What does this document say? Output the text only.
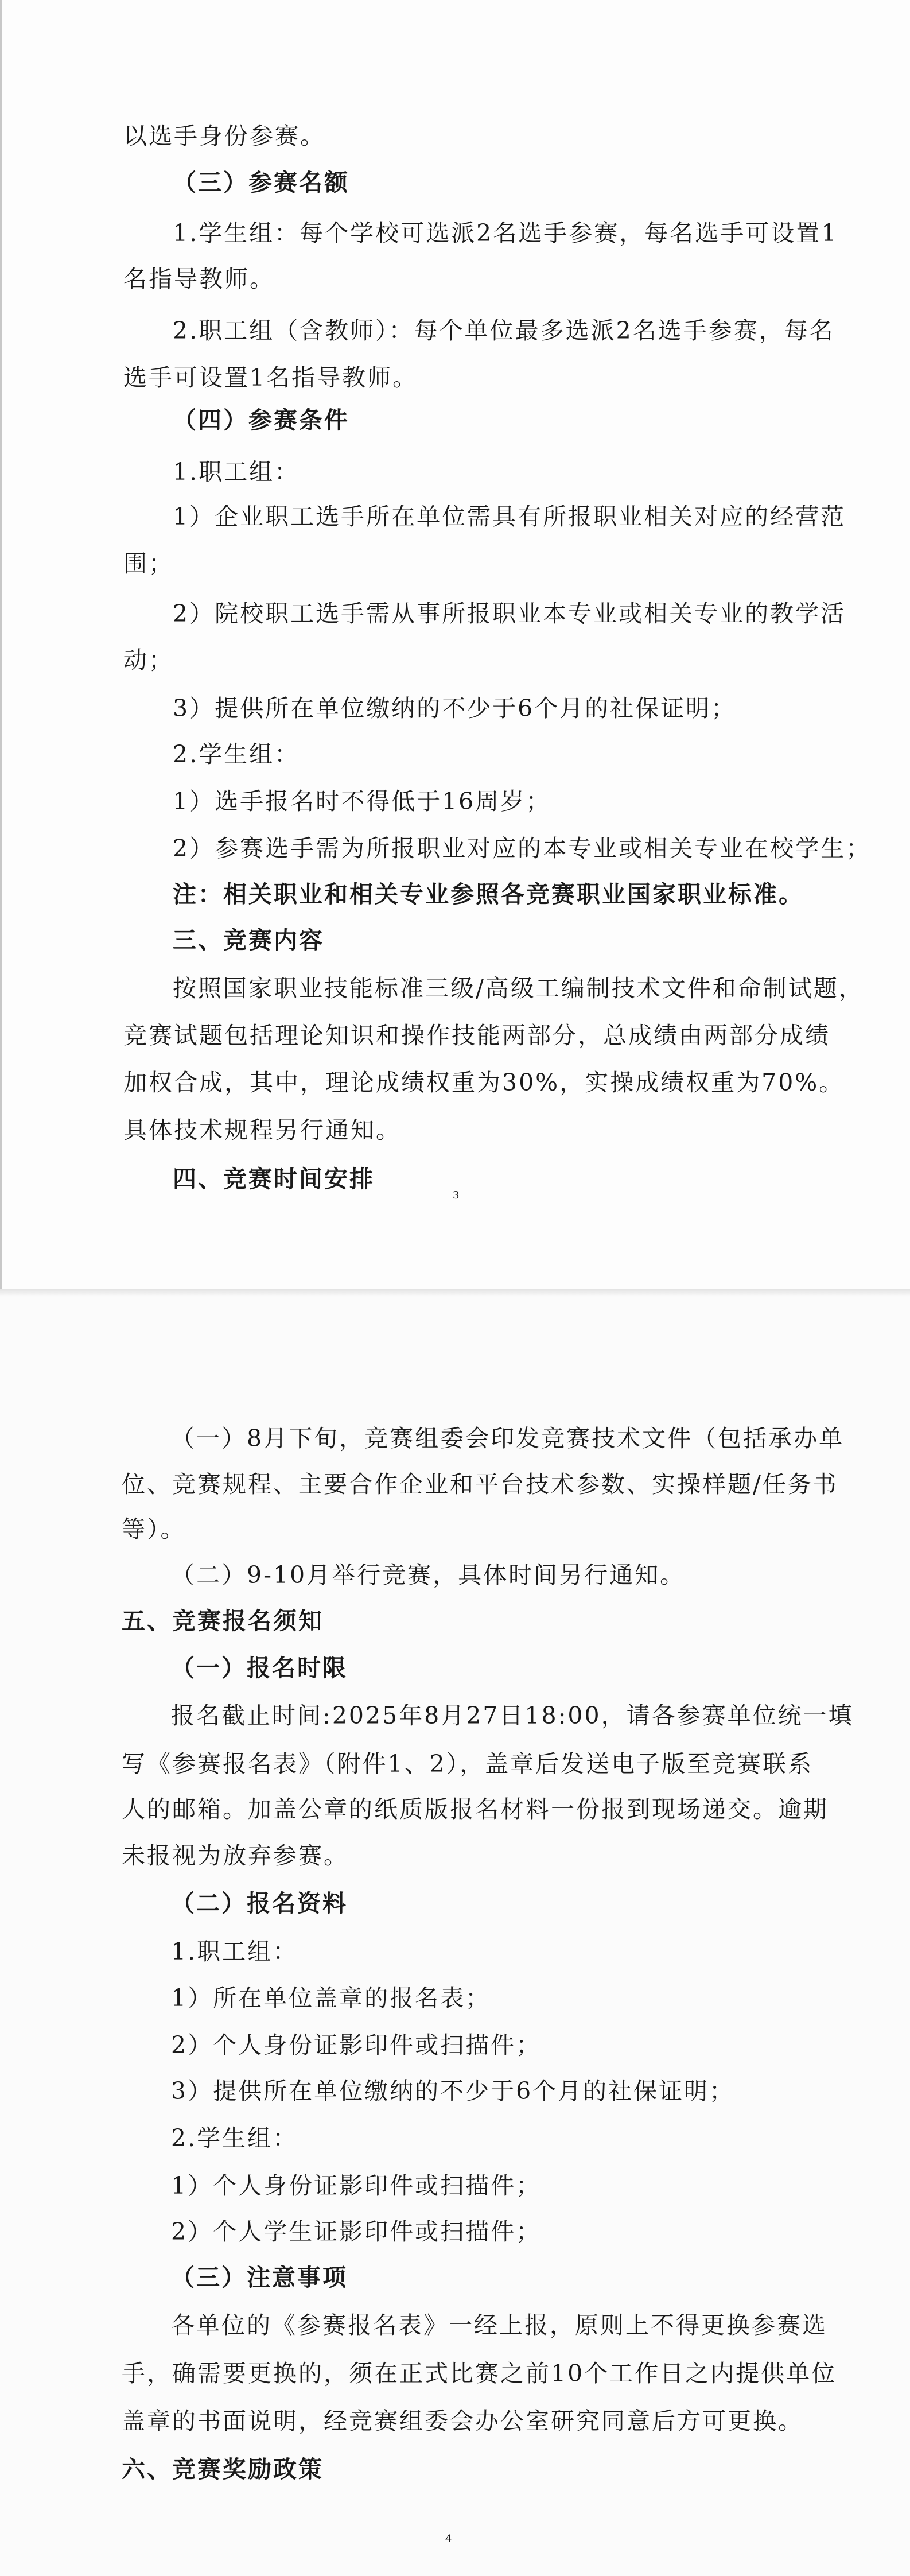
以选手身份参赛。
（三）参赛名额
1.学生组：每个学校可选派2名选手参赛，每名选手可设置1
名指导教师。
2.职工组（含教师）：每个单位最多选派2名选手参赛，每名
选手可设置1名指导教师。
（四）参赛条件
1.职工组：
1）企业职工选手所在单位需具有所报职业相关对应的经营范
围；
2）院校职工选手需从事所报职业本专业或相关专业的教学活
动；
3）提供所在单位缴纳的不少于6个月的社保证明；
2.学生组：
1）选手报名时不得低于16周岁；
2）参赛选手需为所报职业对应的本专业或相关专业在校学生；
注：相关职业和相关专业参照各竞赛职业国家职业标准。
三、竞赛内容
按照国家职业技能标准三级/高级工编制技术文件和命制试题，
竞赛试题包括理论知识和操作技能两部分，总成绩由两部分成绩
加权合成，其中，理论成绩权重为30%，实操成绩权重为70%。
具体技术规程另行通知。
四、竞赛时间安排
3
（一）8月下旬，竞赛组委会印发竞赛技术文件（包括承办单
位、竞赛规程、主要合作企业和平台技术参数、实操样题/任务书
等）。
（二）9-10月举行竞赛，具体时间另行通知。
五、竞赛报名须知
（一）报名时限
报名截止时间:2025年8月27日18:00，请各参赛单位统一填
写《参赛报名表》（附件1、2），盖章后发送电子版至竞赛联系
人的邮箱。加盖公章的纸质版报名材料一份报到现场递交。逾期
未报视为放弃参赛。
（二）报名资料
1.职工组：
1）所在单位盖章的报名表；
2）个人身份证影印件或扫描件；
3）提供所在单位缴纳的不少于6个月的社保证明；
2.学生组：
1）个人身份证影印件或扫描件；
2）个人学生证影印件或扫描件；
（三）注意事项
各单位的《参赛报名表》一经上报，原则上不得更换参赛选
手，确需要更换的，须在正式比赛之前10个工作日之内提供单位
盖章的书面说明，经竞赛组委会办公室研究同意后方可更换。
六、竞赛奖励政策
4
